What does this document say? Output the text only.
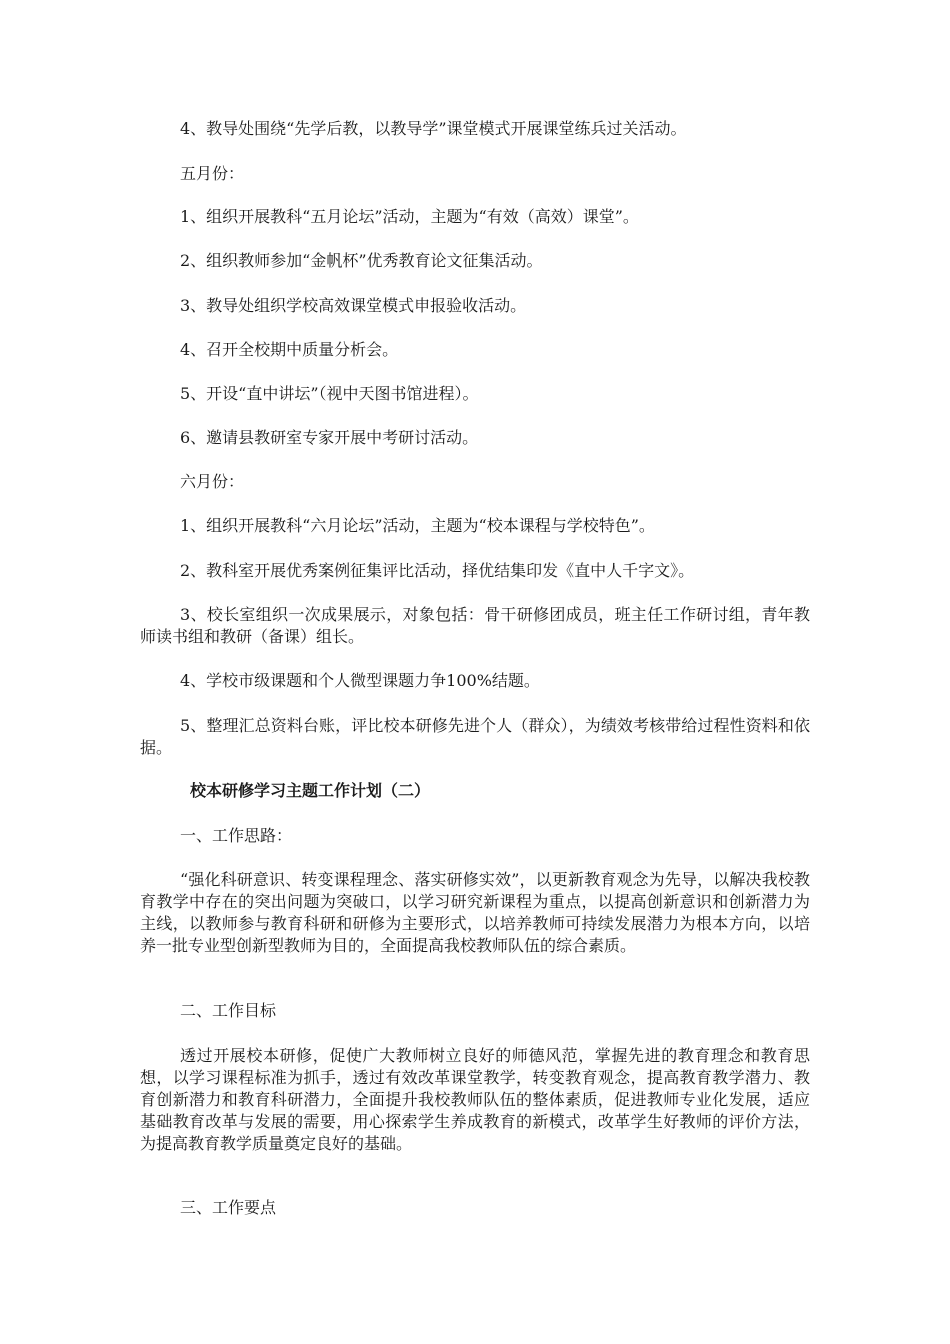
4、教导处围绕“先学后教，以教导学”课堂模式开展课堂练兵过关活动。

五月份：

1、组织开展教科“五月论坛”活动，主题为“有效（高效）课堂”。

2、组织教师参加“金帆杯”优秀教育论文征集活动。

3、教导处组织学校高效课堂模式申报验收活动。

4、召开全校期中质量分析会。

5、开设“直中讲坛”（视中天图书馆进程）。

6、邀请县教研室专家开展中考研讨活动。

六月份：

1、组织开展教科“六月论坛”活动，主题为“校本课程与学校特色”。

2、教科室开展优秀案例征集评比活动，择优结集印发《直中人千字文》。

3、校长室组织一次成果展示，对象包括：骨干研修团成员，班主任工作研讨组，青年教师读书组和教研（备课）组长。

4、学校市级课题和个人微型课题力争100%结题。

5、整理汇总资料台账，评比校本研修先进个人（群众），为绩效考核带给过程性资料和依据。

校本研修学习主题工作计划（二）

一、工作思路：

“强化科研意识、转变课程理念、落实研修实效”，以更新教育观念为先导，以解决我校教育教学中存在的突出问题为突破口，以学习研究新课程为重点，以提高创新意识和创新潜力为主线，以教师参与教育科研和研修为主要形式，以培养教师可持续发展潜力为根本方向，以培养一批专业型创新型教师为目的，全面提高我校教师队伍的综合素质。

二、工作目标

透过开展校本研修，促使广大教师树立良好的师德风范，掌握先进的教育理念和教育思想，以学习课程标准为抓手，透过有效改革课堂教学，转变教育观念，提高教育教学潜力、教育创新潜力和教育科研潜力，全面提升我校教师队伍的整体素质，促进教师专业化发展，适应基础教育改革与发展的需要，用心探索学生养成教育的新模式，改革学生好教师的评价方法，为提高教育教学质量奠定良好的基础。

三、工作要点
